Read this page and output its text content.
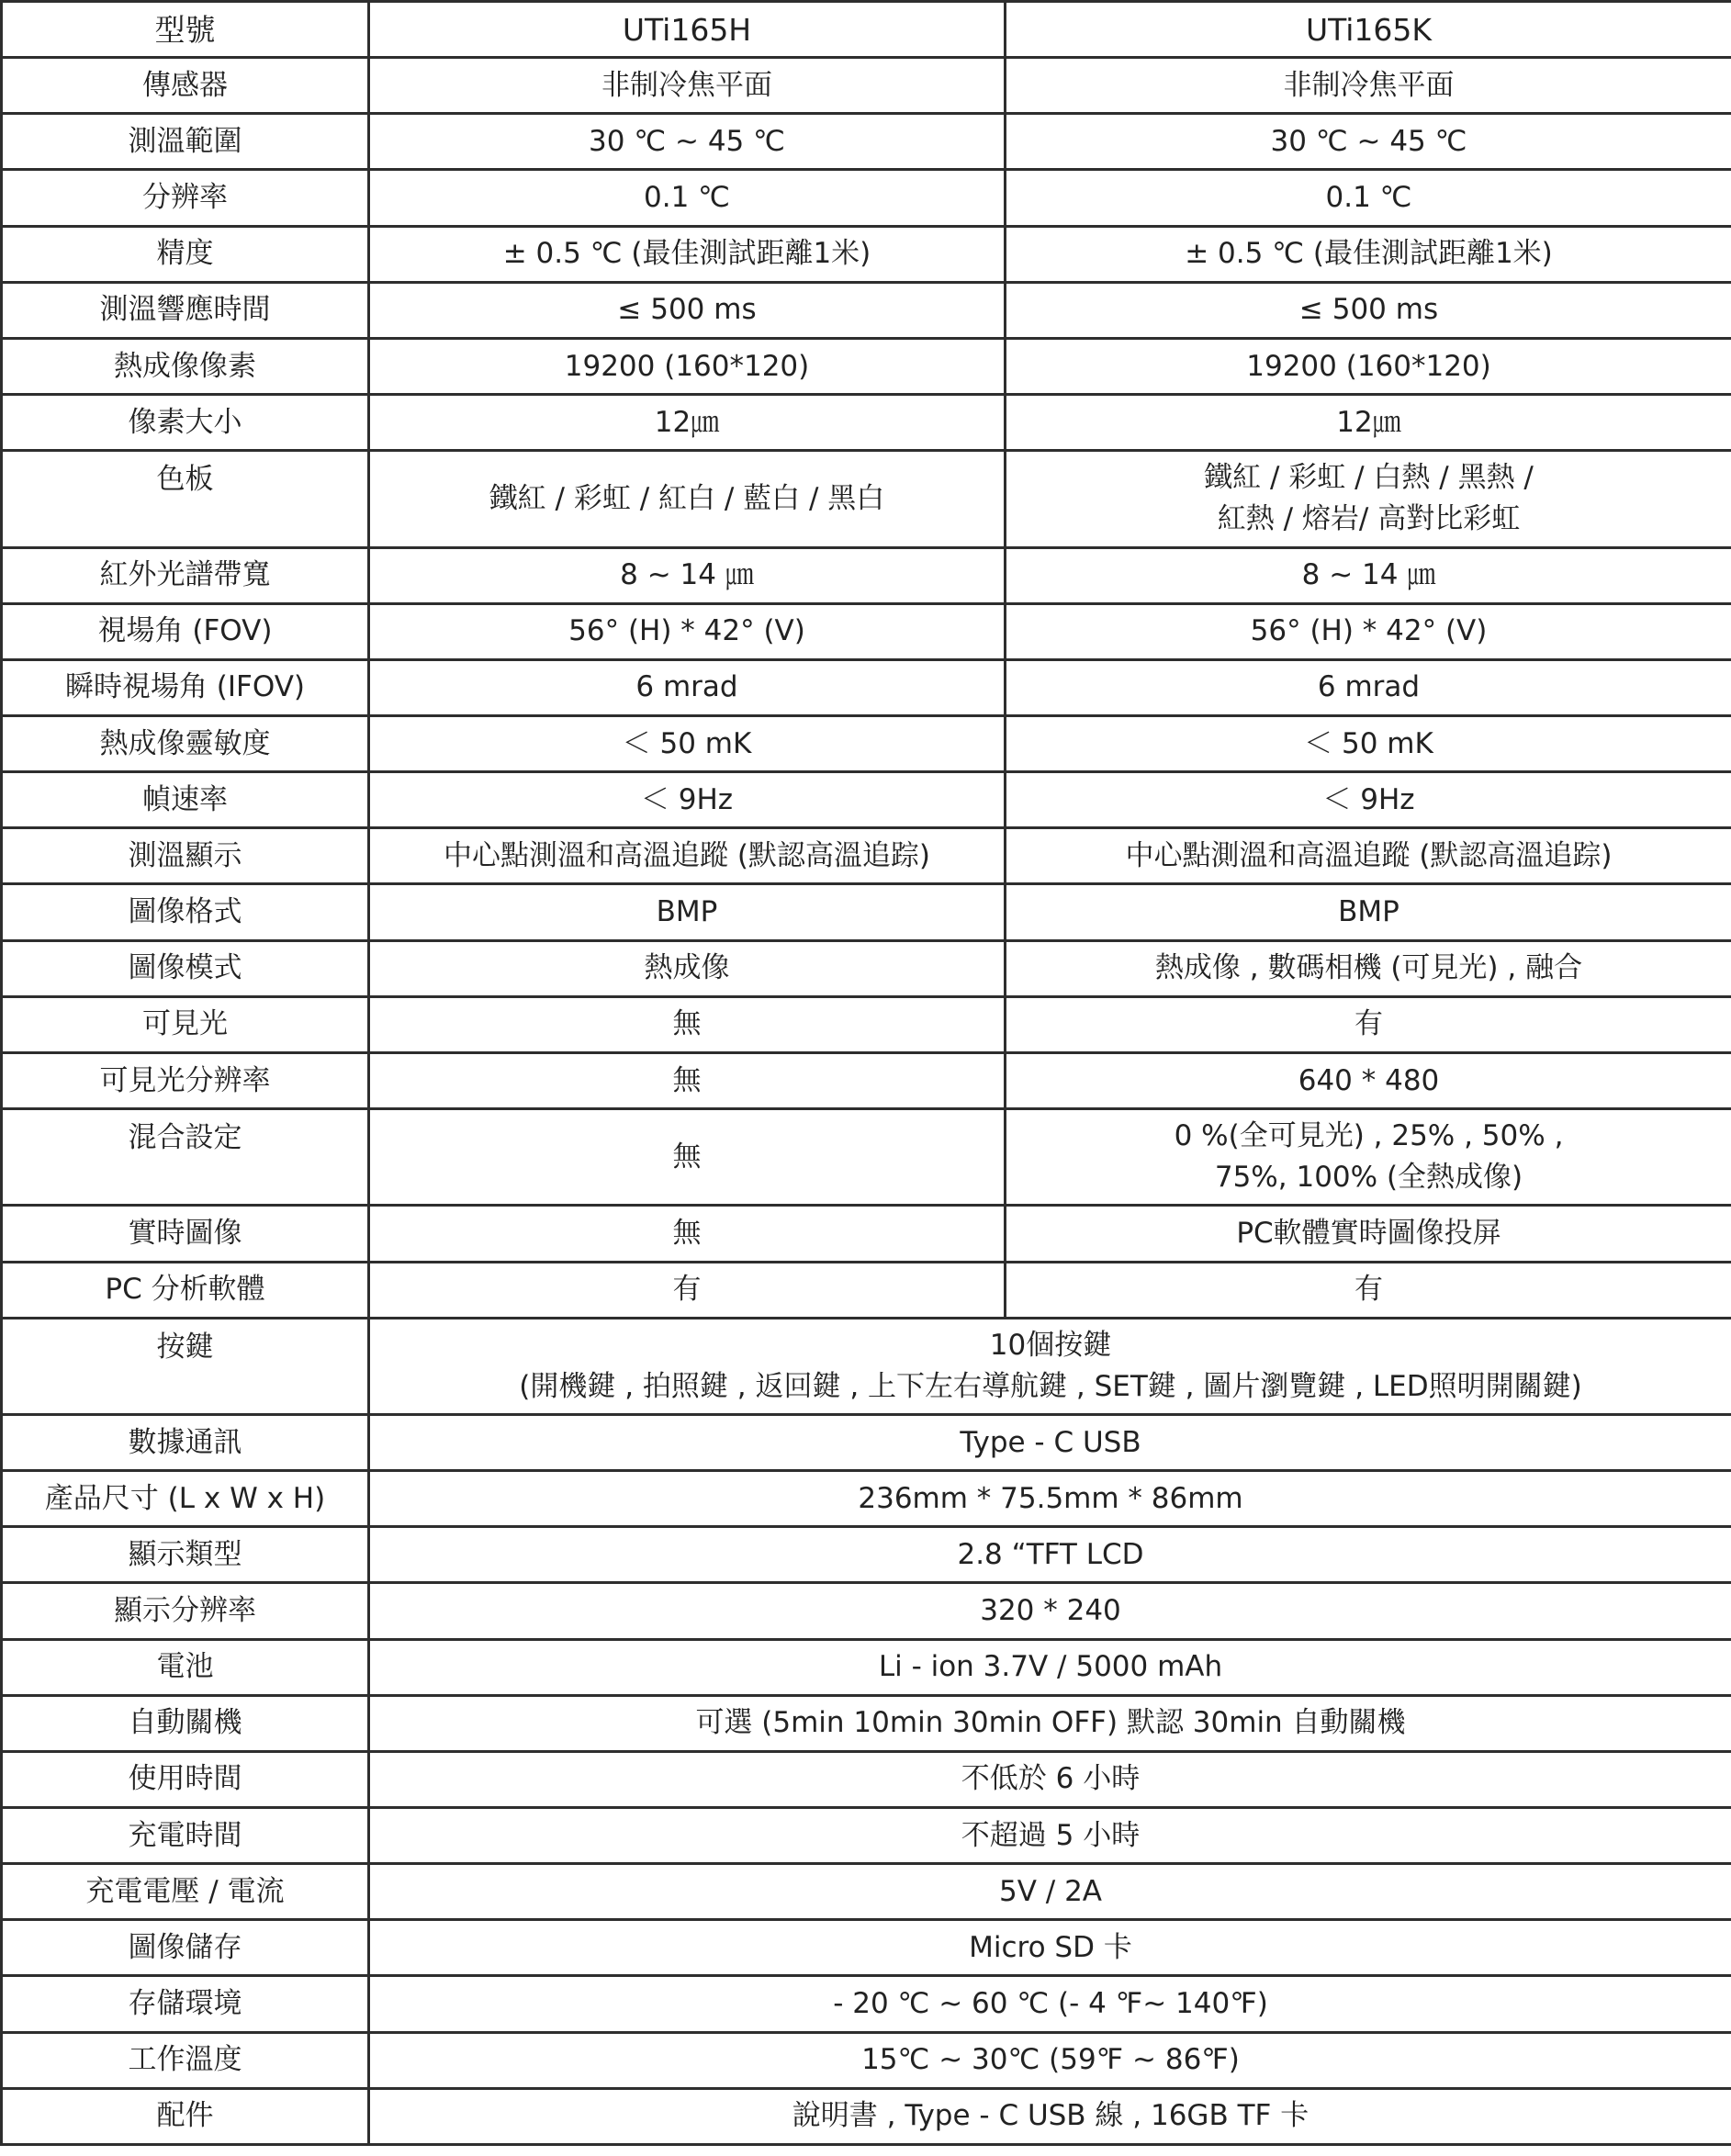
型號	UTi165H	UTi165K
傳感器	非制冷焦平面	非制冷焦平面

測溫範圍	30 ℃ ~ 45 ℃	30 ℃ ~ 45 ℃

分辨率	0.1 ℃	0.1 ℃

精度	± 0.5 ℃ (最佳測試距離1米)	± 0.5 ℃ (最佳測試距離1米)

測溫響應時間	≤ 500 ms	≤ 500 ms

熱成像像素	19200 (160*120)	19200 (160*120)

像素大小	12㎛	12㎛

色板	鐵紅 / 彩虹 / 紅白 / 藍白 / 黑白	鐵紅 / 彩虹 / 白熱 / 黑熱 /
紅熱 / 熔岩/ 高對比彩虹

紅外光譜帶寬	8 ~ 14 ㎛	8 ~ 14 ㎛

視場角 (FOV)	56° (H) * 42° (V)	56° (H) * 42° (V)

瞬時視場角 (IFOV)	6 mrad	6 mrad

熱成像靈敏度	＜ 50 mK	＜ 50 mK

幀速率	＜ 9Hz	＜ 9Hz

測溫顯示	中心點測溫和高溫追蹤 (默認高溫追踪)	中心點測溫和高溫追蹤 (默認高溫追踪)

圖像格式	BMP	BMP

圖像模式	熱成像	熱成像 , 數碼相機 (可見光) , 融合

可見光	無	有

可見光分辨率	無	640 * 480

混合設定	無	0 %(全可見光) , 25% , 50% ,
75%, 100% (全熱成像)

實時圖像	無	PC軟體實時圖像投屏

PC 分析軟體	有	有

按鍵	10個按鍵
(開機鍵 , 拍照鍵 , 返回鍵 , 上下左右導航鍵 , SET鍵 , 圖片瀏覽鍵 , LED照明開關鍵)	

數據通訊	Type - C USB	

產品尺寸 (L x W x H)	236mm * 75.5mm * 86mm	

顯示類型	2.8 “TFT LCD	

顯示分辨率	320 * 240	

電池	Li - ion 3.7V / 5000 mAh	

自動關機	可選 (5min 10min 30min OFF) 默認 30min 自動關機	

使用時間	不低於 6 小時	

充電時間	不超過 5 小時	

充電電壓 / 電流	5V / 2A	

圖像儲存	Micro SD 卡	

存儲環境	- 20 ℃ ~ 60 ℃ (- 4 ℉~ 140℉)	

工作溫度	15℃ ~ 30℃ (59℉ ~ 86℉)	

配件	說明書 , Type - C USB 線 , 16GB TF 卡	
